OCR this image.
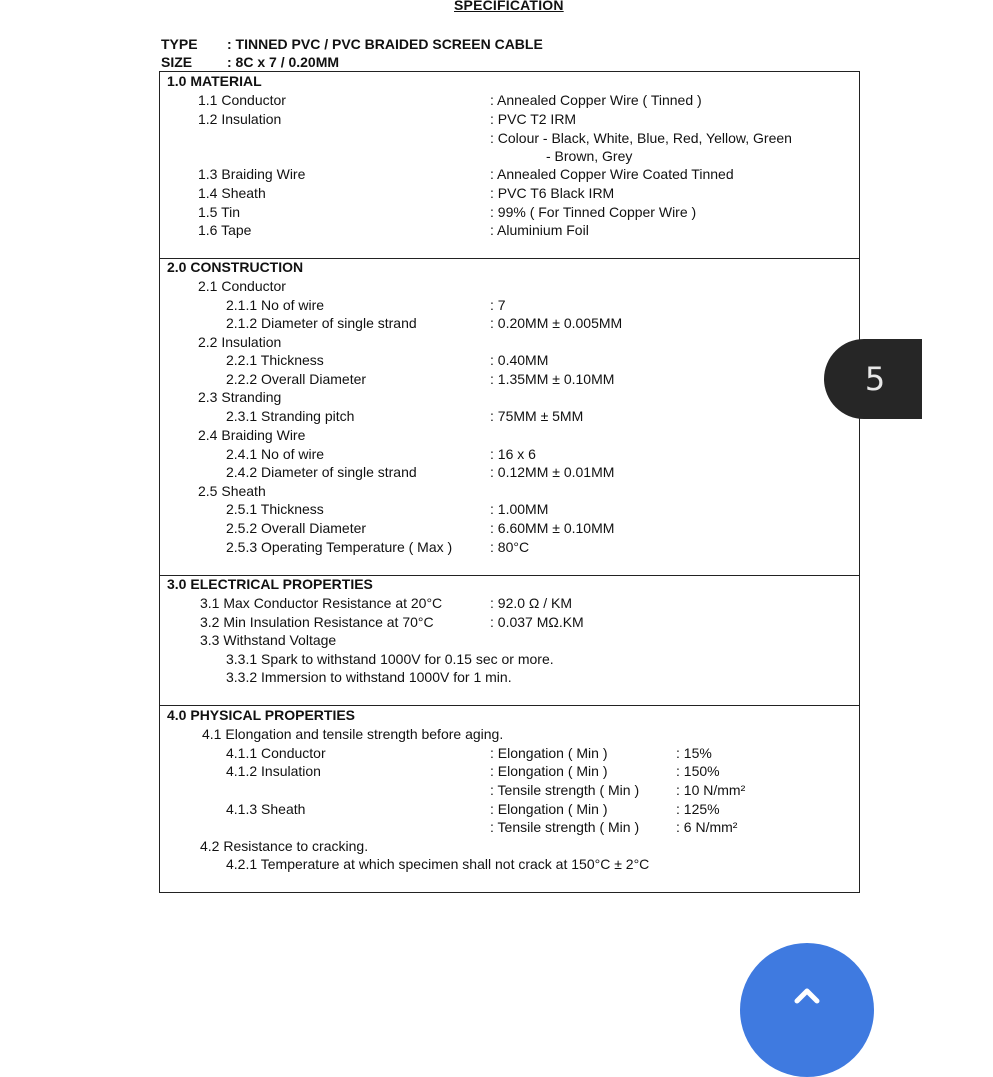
SPECIFICATION
TYPE : TINNED PVC / PVC BRAIDED SCREEN CABLE
SIZE : 8C x 7 / 0.20MM
1.0 MATERIAL
1.1 Conductor	: Annealed Copper Wire ( Tinned )
1.2 Insulation	: PVC T2 IRM
: Colour - Black, White, Blue, Red, Yellow, Green
- Brown, Grey
1.3 Braiding Wire	: Annealed Copper Wire Coated Tinned
1.4 Sheath	: PVC T6 Black IRM
1.5 Tin	: 99% ( For Tinned Copper Wire )
1.6 Tape	: Aluminium Foil
2.0 CONSTRUCTION
2.1 Conductor
2.1.1 No of wire	: 7
2.1.2 Diameter of single strand	: 0.20MM ± 0.005MM
2.2 Insulation
2.2.1 Thickness	: 0.40MM
2.2.2 Overall Diameter	: 1.35MM ± 0.10MM
2.3 Stranding
2.3.1 Stranding pitch	: 75MM ± 5MM
2.4 Braiding Wire
2.4.1 No of wire	: 16 x 6
2.4.2 Diameter of single strand	: 0.12MM ± 0.01MM
2.5 Sheath
2.5.1 Thickness	: 1.00MM
2.5.2 Overall Diameter	: 6.60MM ± 0.10MM
2.5.3 Operating Temperature ( Max )	: 80°C
3.0 ELECTRICAL PROPERTIES
3.1 Max Conductor Resistance at 20°C	: 92.0 Ω / KM
3.2 Min Insulation Resistance at 70°C	: 0.037 MΩ.KM
3.3 Withstand Voltage
3.3.1 Spark to withstand 1000V for 0.15 sec or more.
3.3.2 Immersion to withstand 1000V for 1 min.
4.0 PHYSICAL PROPERTIES
4.1 Elongation and tensile strength before aging.
4.1.1 Conductor	: Elongation ( Min )	: 15%
4.1.2 Insulation	: Elongation ( Min )	: 150%
: Tensile strength ( Min )	: 10 N/mm²
4.1.3 Sheath	: Elongation ( Min )	: 125%
: Tensile strength ( Min )	: 6 N/mm²
4.2 Resistance to cracking.
4.2.1 Temperature at which specimen shall not crack at 150°C ± 2°C
5
